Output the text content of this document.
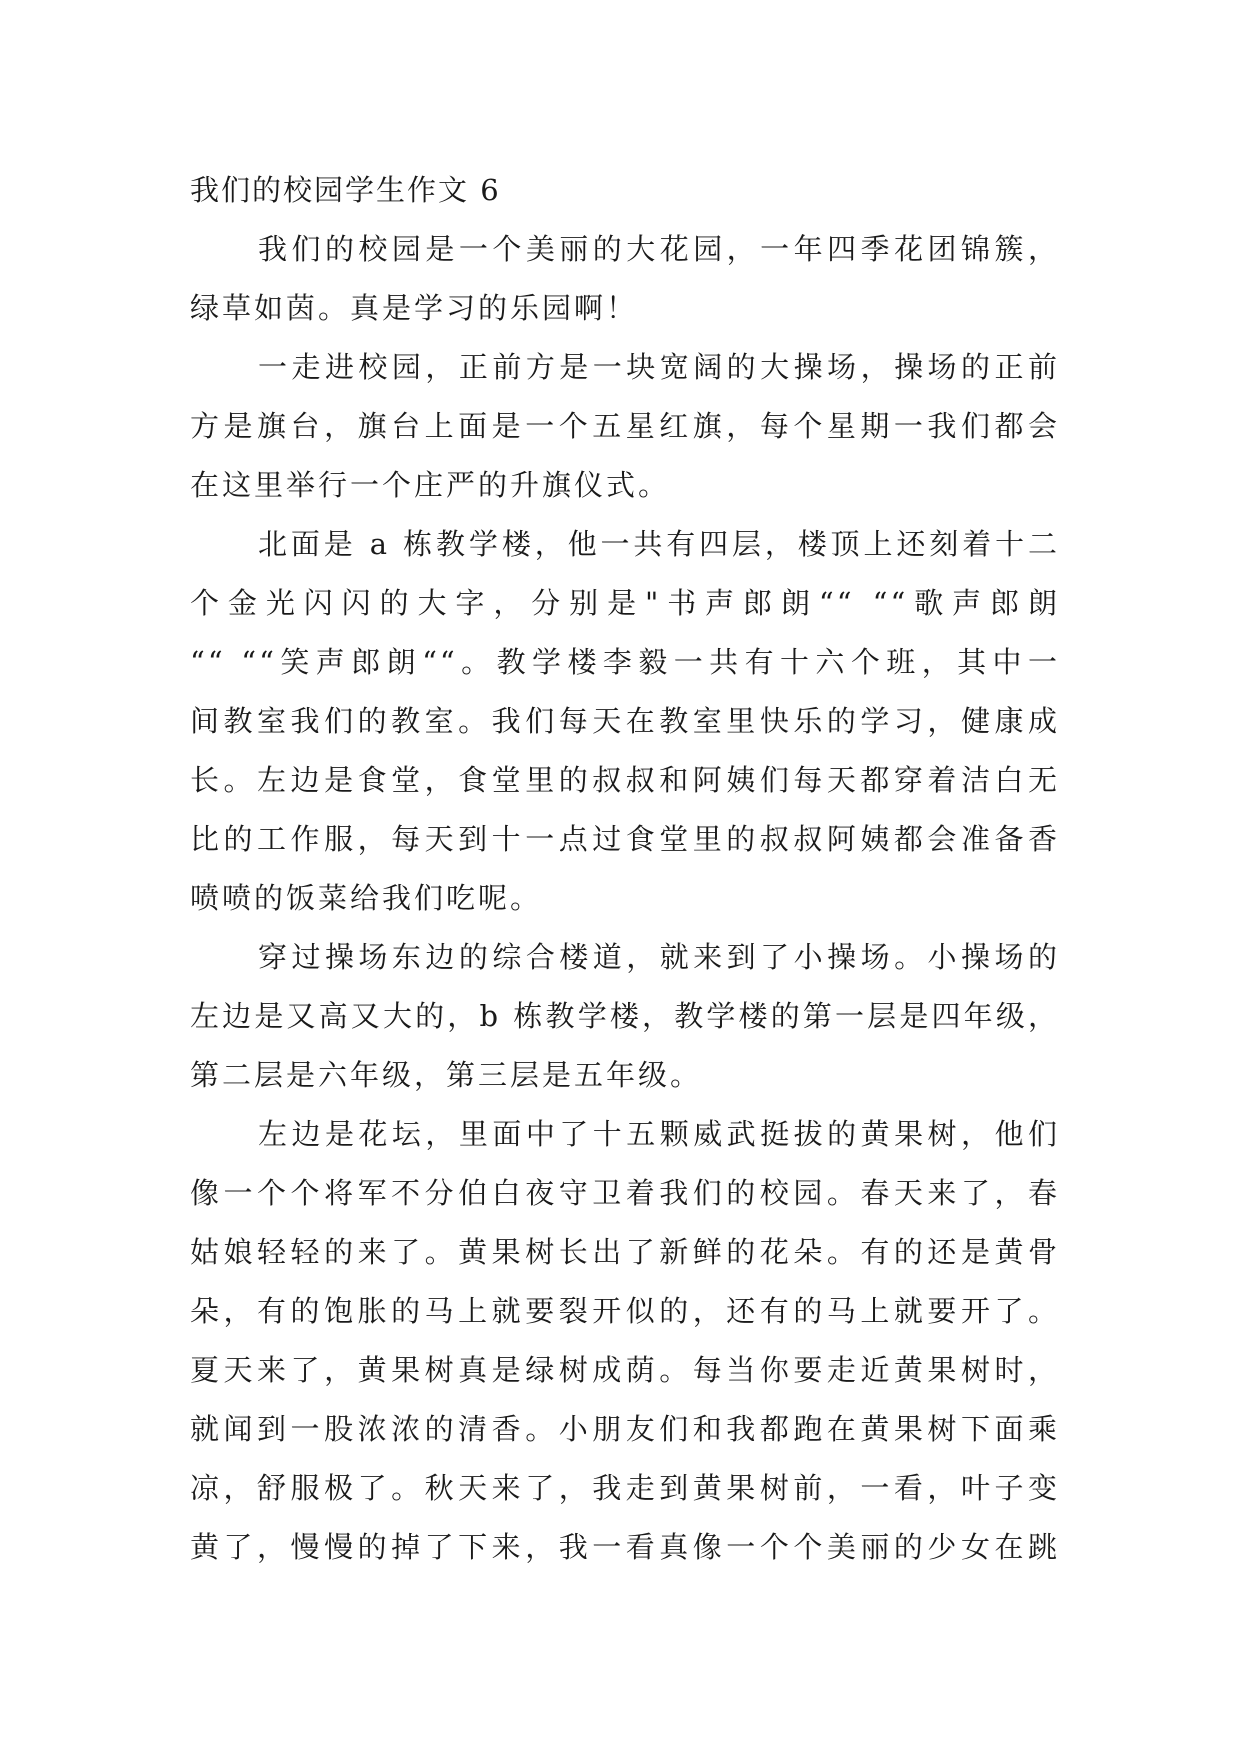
我们的校园学生作文 6
我们的校园是一个美丽的大花园，一年四季花团锦簇，
绿草如茵。真是学习的乐园啊！
一走进校园，正前方是一块宽阔的大操场，操场的正前
方是旗台，旗台上面是一个五星红旗，每个星期一我们都会
在这里举行一个庄严的升旗仪式。
北面是 a 栋教学楼，他一共有四层，楼顶上还刻着十二
个金光闪闪的大字，分别是"书声郎朗““ ““歌声郎朗
““ ““笑声郎朗““。教学楼李毅一共有十六个班，其中一
间教室我们的教室。我们每天在教室里快乐的学习，健康成
长。左边是食堂，食堂里的叔叔和阿姨们每天都穿着洁白无
比的工作服，每天到十一点过食堂里的叔叔阿姨都会准备香
喷喷的饭菜给我们吃呢。
穿过操场东边的综合楼道，就来到了小操场。小操场的
左边是又高又大的，b 栋教学楼，教学楼的第一层是四年级，
第二层是六年级，第三层是五年级。
左边是花坛，里面中了十五颗威武挺拔的黄果树，他们
像一个个将军不分伯白夜守卫着我们的校园。春天来了，春
姑娘轻轻的来了。黄果树长出了新鲜的花朵。有的还是黄骨
朵，有的饱胀的马上就要裂开似的，还有的马上就要开了。
夏天来了，黄果树真是绿树成荫。每当你要走近黄果树时，
就闻到一股浓浓的清香。小朋友们和我都跑在黄果树下面乘
凉，舒服极了。秋天来了，我走到黄果树前，一看，叶子变
黄了，慢慢的掉了下来，我一看真像一个个美丽的少女在跳
